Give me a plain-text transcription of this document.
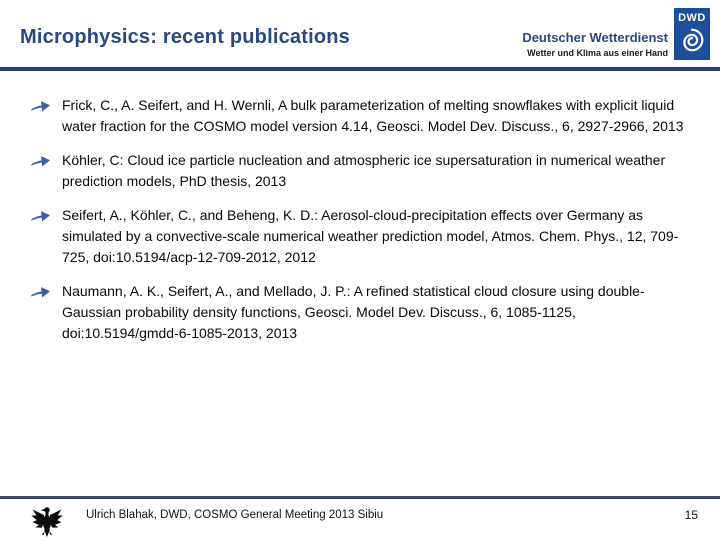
Microphysics: recent publications	Deutscher Wetterdienst
Wetter und Klima aus einer Hand
DWD
Frick, C., A. Seifert, and H. Wernli, A bulk parameterization of melting snowflakes with explicit liquid water fraction for the COSMO model version 4.14, Geosci. Model Dev. Discuss., 6, 2927-2966, 2013
Köhler, C: Cloud ice particle nucleation and atmospheric ice supersaturation in numerical weather prediction models, PhD thesis, 2013
Seifert, A., Köhler, C., and Beheng, K. D.: Aerosol-cloud-precipitation effects over Germany as simulated by a convective-scale numerical weather prediction model, Atmos. Chem. Phys., 12, 709-725, doi:10.5194/acp-12-709-2012, 2012
Naumann, A. K., Seifert, A., and Mellado, J. P.: A refined statistical cloud closure using double-Gaussian probability density functions, Geosci. Model Dev. Discuss., 6, 1085-1125, doi:10.5194/gmdd-6-1085-2013, 2013
Ulrich Blahak, DWD, COSMO General Meeting 2013 Sibiu	15
